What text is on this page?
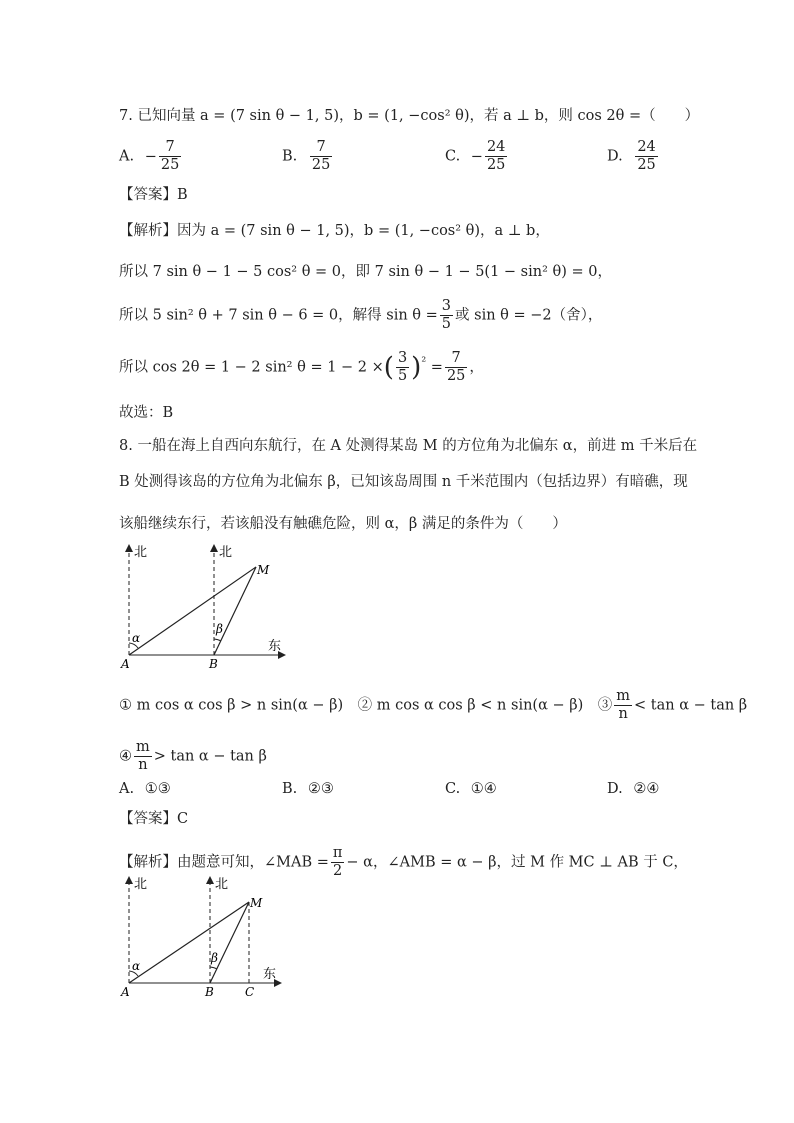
7. 已知向量 a = (7 sin θ − 1, 5)，b = (1, −cos² θ)，若 a ⊥ b，则 cos 2θ =（　　）
A. − $\frac{7}{25}$	B. $\frac{7}{25}$	C. − $\frac{24}{25}$	D. $\frac{24}{25}$
【答案】B
【解析】因为 a = (7 sin θ − 1, 5)，b = (1, −cos² θ)，a ⊥ b，
所以 7 sin θ − 1 − 5 cos² θ = 0，即 7 sin θ − 1 − 5(1 − sin² θ) = 0，
所以 5 sin² θ + 7 sin θ − 6 = 0，解得 $\sin \theta = \frac{3}{5}$ 或 sin θ = −2（舍），
所以 cos 2θ = 1 − 2 sin² θ = 1 − 2 ×( $\frac{3}{5} )^{^2} = \frac{7}{25}$ ，
故选：B
8. 一船在海上自西向东航行，在 A 处测得某岛 M 的方位角为北偏东 α，前进 m 千米后在
B 处测得该岛的方位角为北偏东 β，已知该岛周围 n 千米范围内（包括边界）有暗礁，现
该船继续东行，若该船没有触礁危险，则 α，β 满足的条件为（　　）
北	北
东
A	B
M
α
β
① m cos α cos β > n sin(α − β)　② m cos α cos β < n sin(α − β)　③ $\frac{m}{n} < \tan \alpha - \tan \beta$
④ $\frac{m}{n} > \tan \alpha - \tan \beta$
A. ①③	B. ②③	C. ①④	D. ②④
【答案】C
【解析】由题意可知，∠MAB = $\frac{\pi}{2} - \alpha$，∠AMB = α − β，过 M 作 MC ⊥ AB 于 C，
北	北
东
A	B	C
M
α
β
